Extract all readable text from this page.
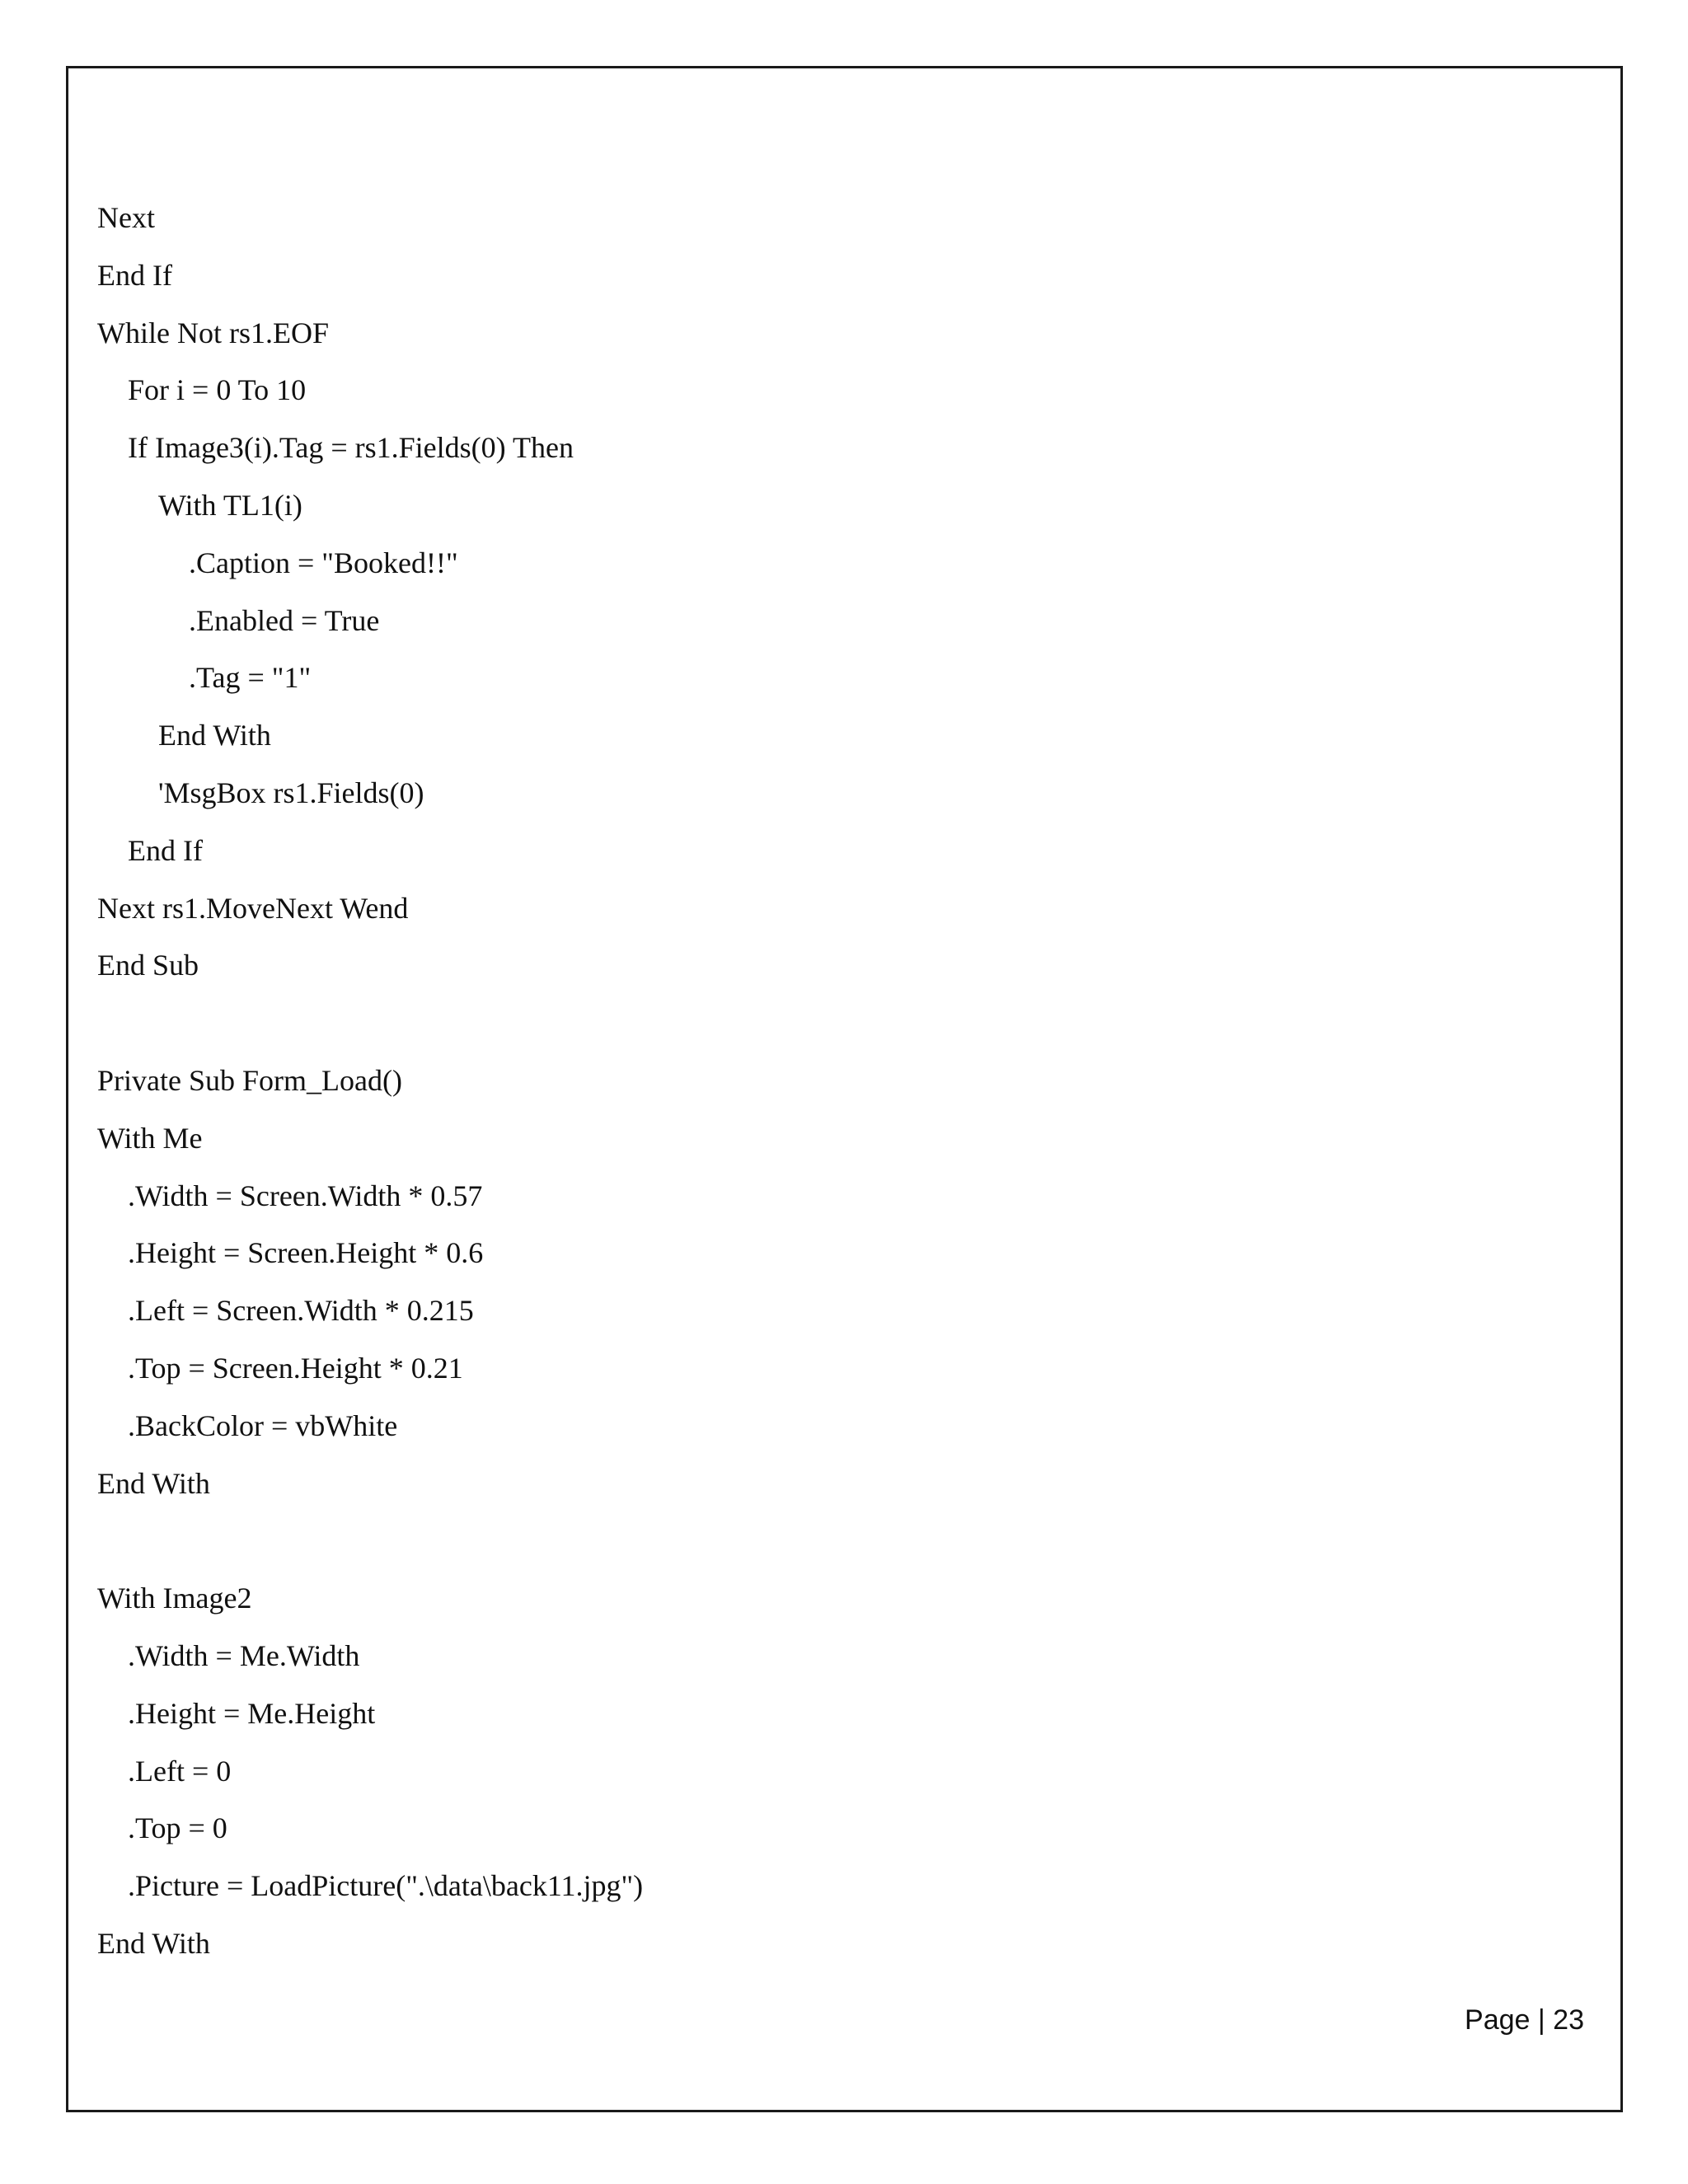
Next
End If
While Not rs1.EOF
For i = 0 To 10
If Image3(i).Tag = rs1.Fields(0) Then
With TL1(i)
.Caption = "Booked!!"
.Enabled = True
.Tag = "1"
End With
'MsgBox rs1.Fields(0)
End If
Next rs1.MoveNext Wend
End Sub
Private Sub Form_Load()
With Me
.Width = Screen.Width * 0.57
.Height = Screen.Height * 0.6
.Left = Screen.Width * 0.215
.Top = Screen.Height * 0.21
.BackColor = vbWhite
End With
With Image2
.Width = Me.Width
.Height = Me.Height
.Left = 0
.Top = 0
.Picture = LoadPicture(".\data\back11.jpg")
End With
Page | 23
